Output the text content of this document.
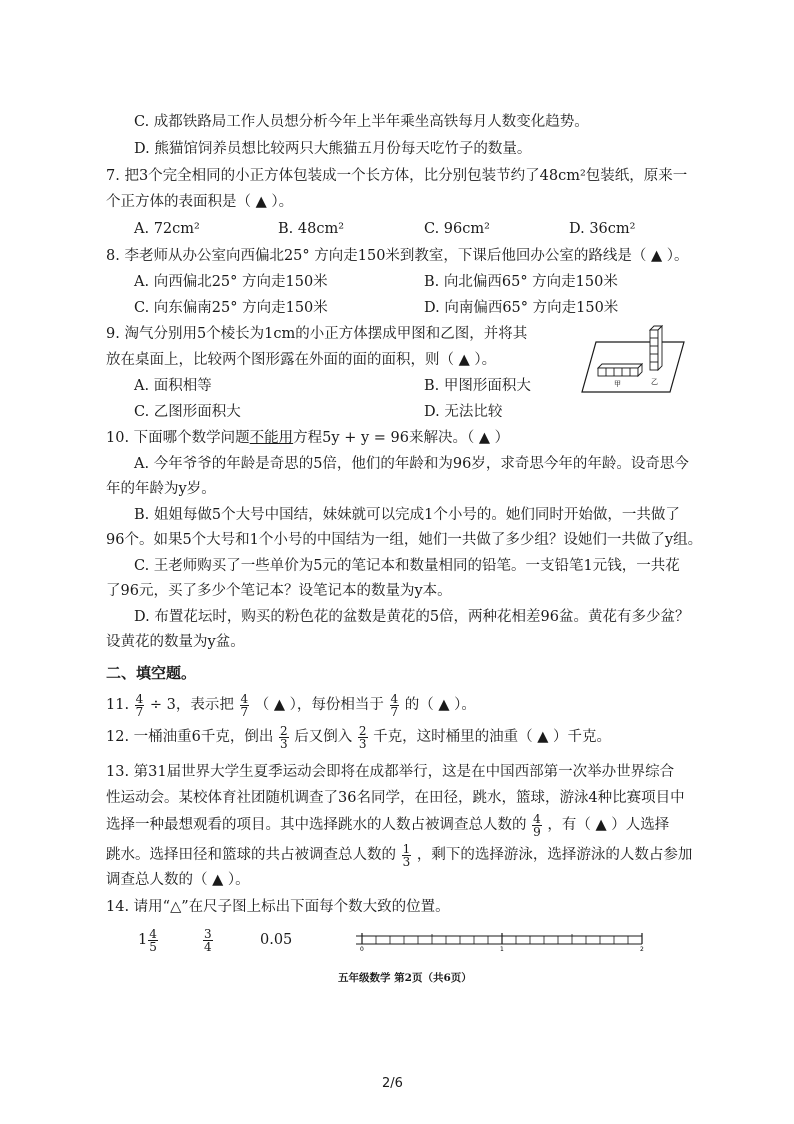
C. 成都铁路局工作人员想分析今年上半年乘坐高铁每月人数变化趋势。
D. 熊猫馆饲养员想比较两只大熊猫五月份每天吃竹子的数量。
7. 把3个完全相同的小正方体包装成一个长方体，比分别包装节约了48cm²包装纸，原来一
个正方体的表面积是（ ▲ ）。
A. 72cm²	B. 48cm²	C. 96cm²	D. 36cm²
8. 李老师从办公室向西偏北25° 方向走150米到教室，下课后他回办公室的路线是（ ▲ ）。
A. 向西偏北25° 方向走150米	B. 向北偏西65° 方向走150米
C. 向东偏南25° 方向走150米	D. 向南偏西65° 方向走150米
9. 淘气分别用5个棱长为1cm的小正方体摆成甲图和乙图，并将其
放在桌面上，比较两个图形露在外面的面的面积，则（ ▲ ）。
A. 面积相等	B. 甲图形面积大
C. 乙图形面积大	D. 无法比较
甲	乙
10. 下面哪个数学问题不能用方程5y + y = 96来解决。（ ▲ ）
A. 今年爷爷的年龄是奇思的5倍，他们的年龄和为96岁，求奇思今年的年龄。设奇思今
年的年龄为y岁。
B. 姐姐每做5个大号中国结，妹妹就可以完成1个小号的。她们同时开始做，一共做了
96个。如果5个大号和1个小号的中国结为一组，她们一共做了多少组？设她们一共做了y组。
C. 王老师购买了一些单价为5元的笔记本和数量相同的铅笔。一支铅笔1元钱，一共花
了96元，买了多少个笔记本？设笔记本的数量为y本。
D. 布置花坛时，购买的粉色花的盆数是黄花的5倍，两种花相差96盆。黄花有多少盆？
设黄花的数量为y盆。
二、填空题。
11. $\frac{4}{7} \div 3$，表示把 $\frac{4}{7}$ （ ▲ ），每份相当于 $\frac{4}{7}$ 的（ ▲ ）。
12. 一桶油重6千克，倒出 $\frac{2}{3}$ 后又倒入 $\frac{2}{3}$ 千克，这时桶里的油重（ ▲ ）千克。
13. 第31届世界大学生夏季运动会即将在成都举行，这是在中国西部第一次举办世界综合
性运动会。某校体育社团随机调查了36名同学，在田径，跳水，篮球，游泳4种比赛项目中
选择一种最想观看的项目。其中选择跳水的人数占被调查总人数的 $\frac{4}{9}$ ，有（ ▲ ）人选择
跳水。选择田径和篮球的共占被调查总人数的 $\frac{1}{3}$ ，剩下的选择游泳，选择游泳的人数占参加
调查总人数的（ ▲ ）。
14. 请用“△”在尺子图上标出下面每个数大致的位置。
$1 \frac{4}{5}$	$\frac{3}{4}$	0.05
0	1	2
五年级数学 第2页（共6页）
2/6
